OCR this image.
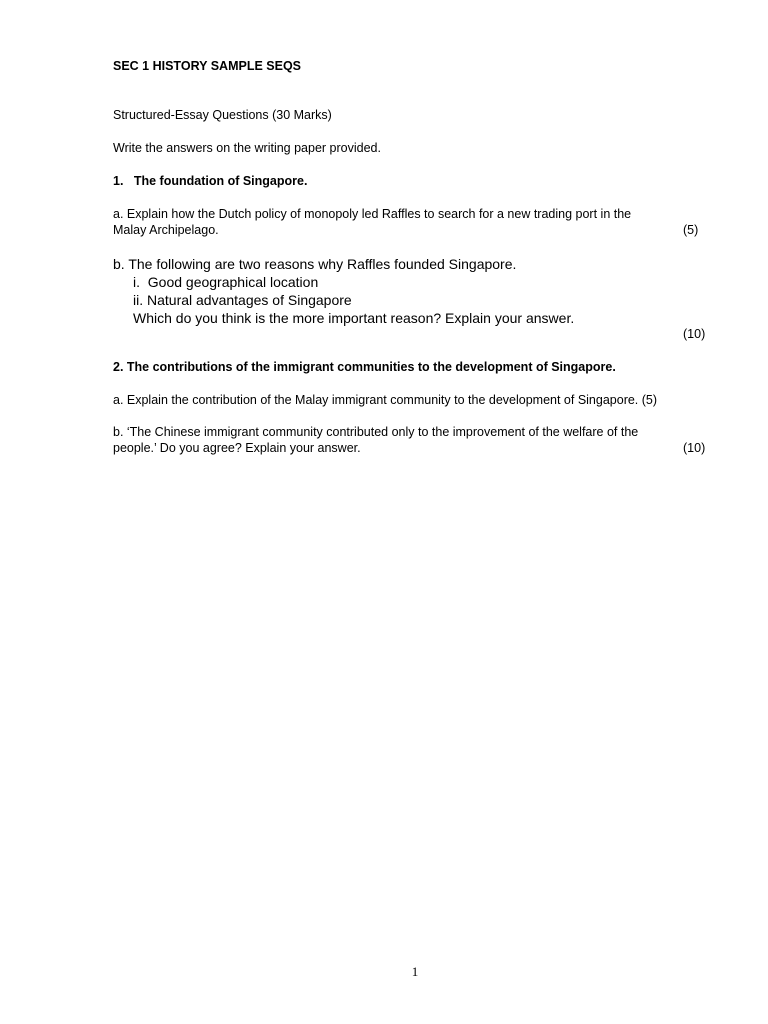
SEC 1 HISTORY SAMPLE SEQS
Structured-Essay Questions (30 Marks)
Write the answers on the writing paper provided.
1.   The foundation of Singapore.
a. Explain how the Dutch policy of monopoly led Raffles to search for a new trading port in the
Malay Archipelago.	(5)
b. The following are two reasons why Raffles founded Singapore.
i.  Good geographical location
ii. Natural advantages of Singapore
Which do you think is the more important reason? Explain your answer.
(10)
2. The contributions of the immigrant communities to the development of Singapore.
a. Explain the contribution of the Malay immigrant community to the development of Singapore. (5)
b. ‘The Chinese immigrant community contributed only to the improvement of the welfare of the
people.’ Do you agree? Explain your answer.	(10)
1
